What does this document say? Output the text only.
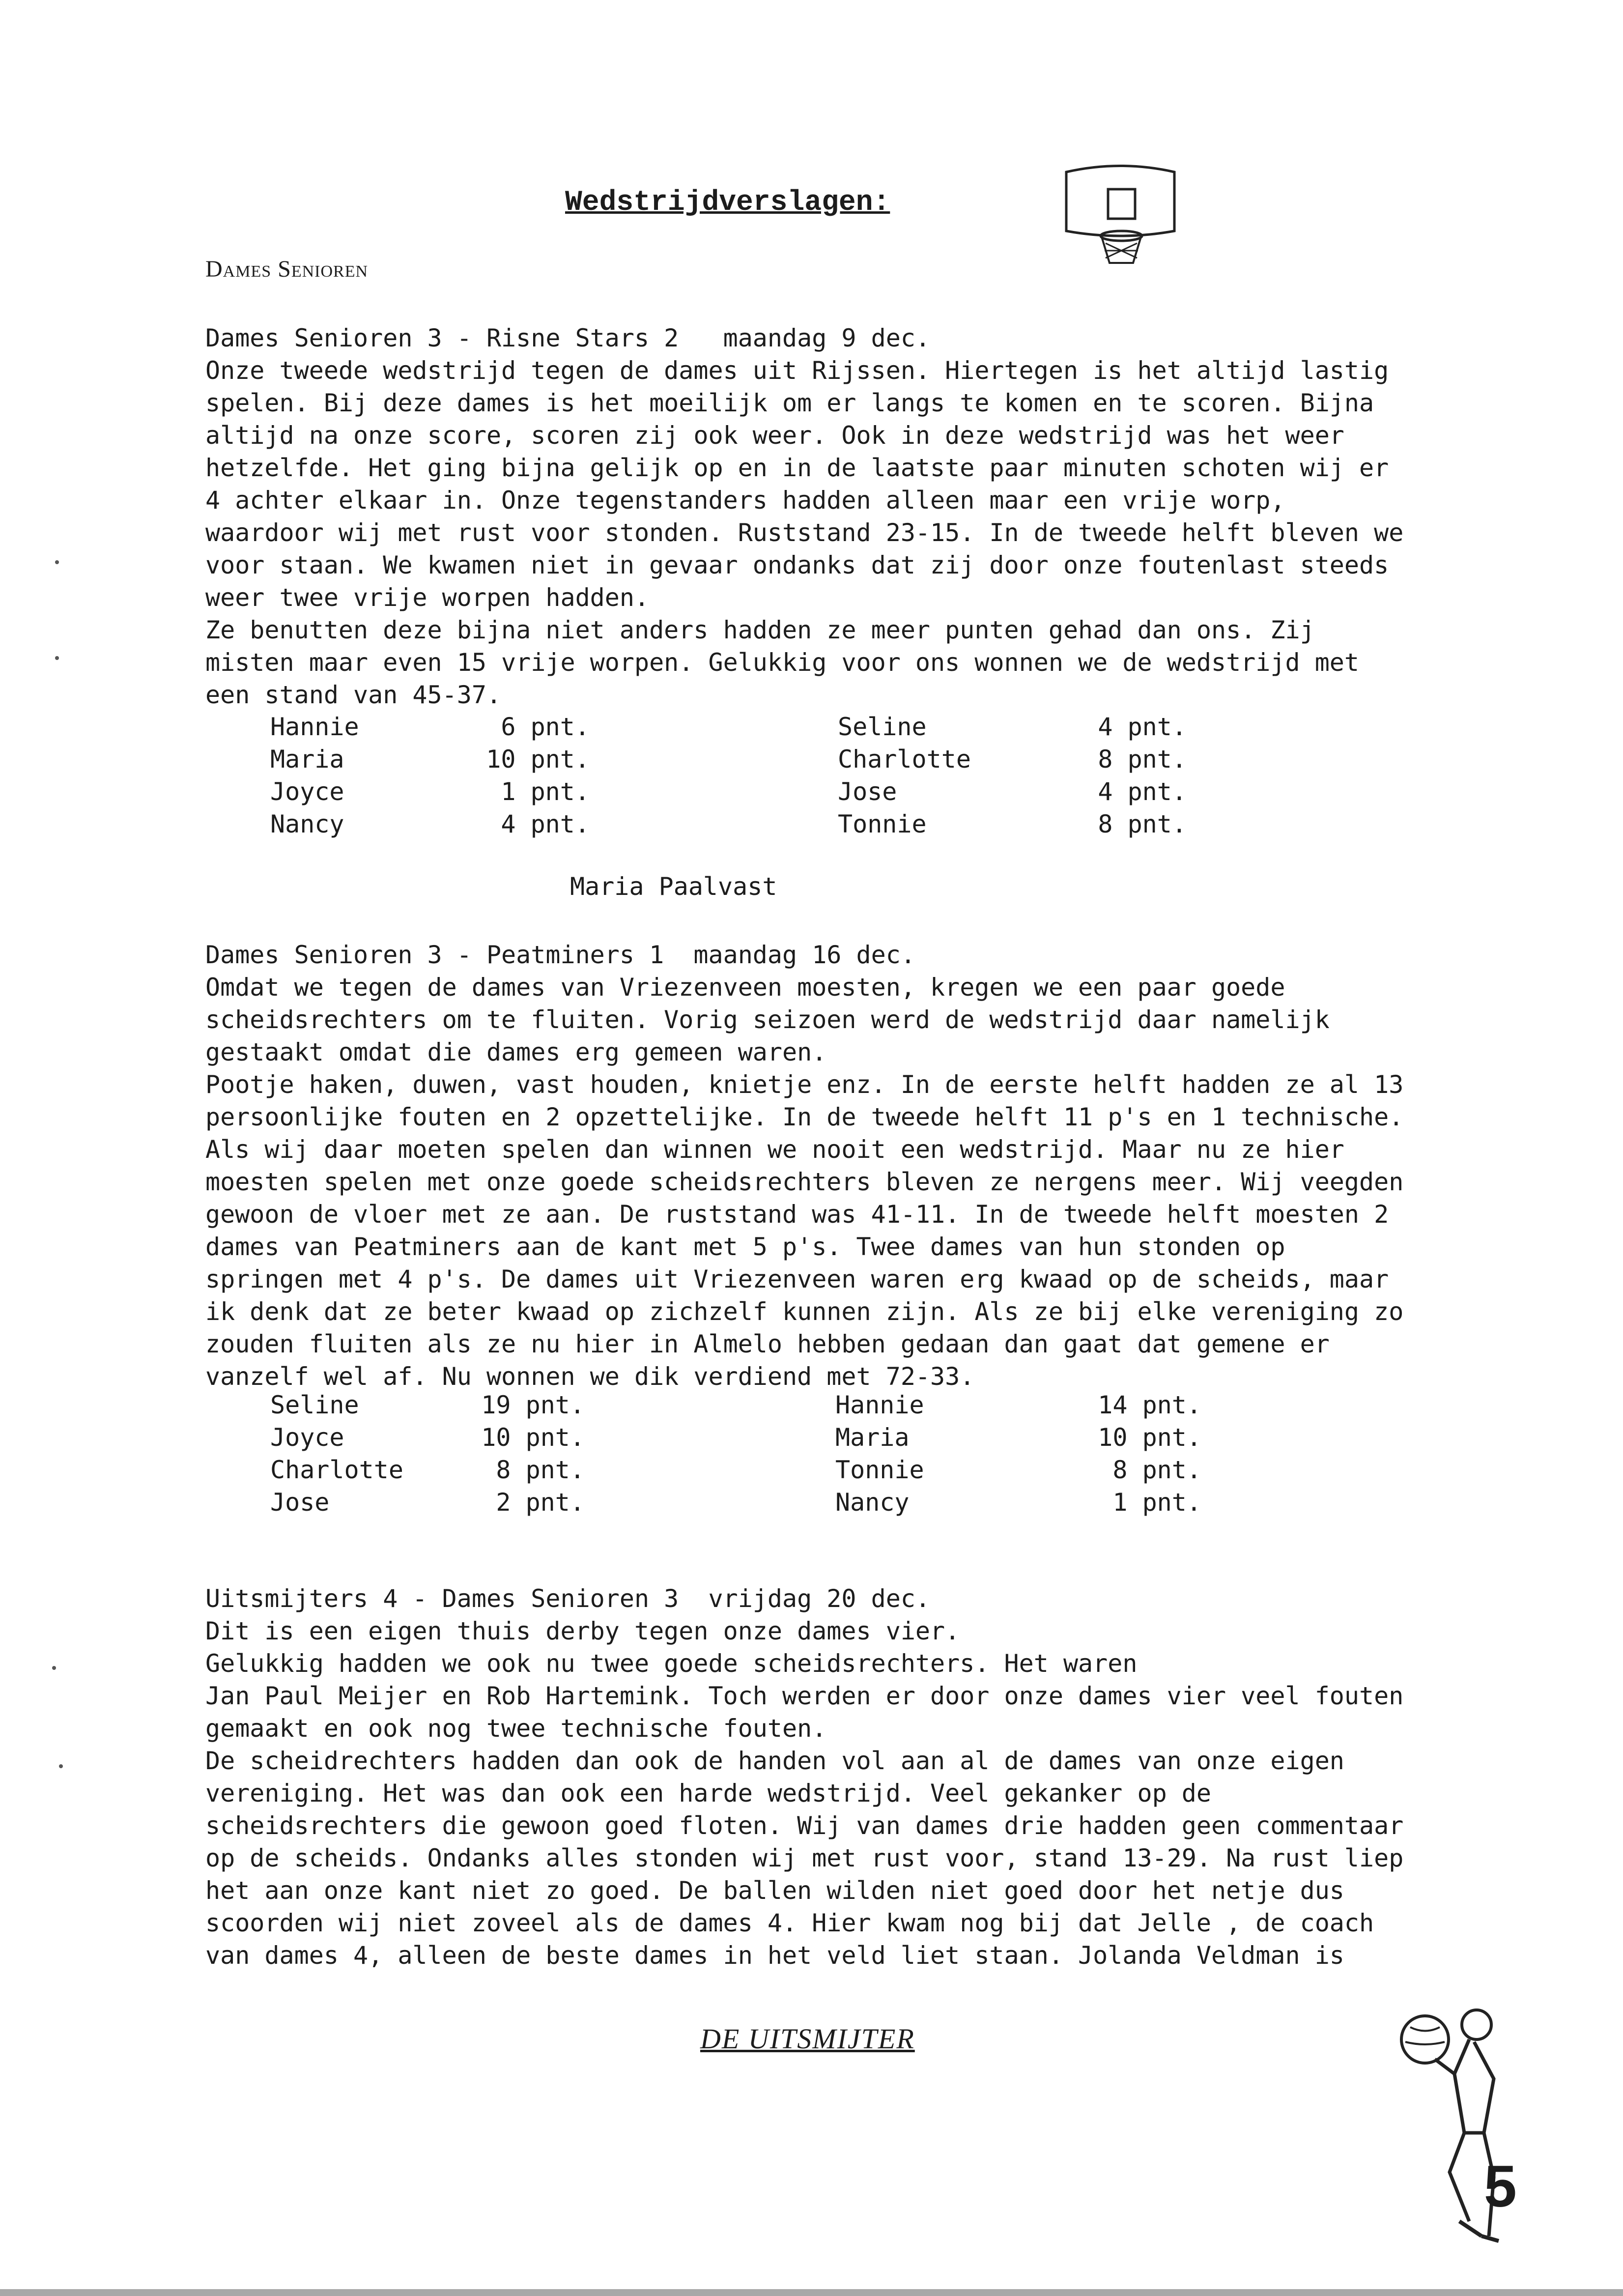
Wedstrijdverslagen:
Dames Senioren
Dames Senioren 3 - Risne Stars 2   maandag 9 dec.
Onze tweede wedstrijd tegen de dames uit Rijssen. Hiertegen is het altijd lastig
spelen. Bij deze dames is het moeilijk om er langs te komen en te scoren. Bijna
altijd na onze score, scoren zij ook weer. Ook in deze wedstrijd was het weer
hetzelfde. Het ging bijna gelijk op en in de laatste paar minuten schoten wij er
4 achter elkaar in. Onze tegenstanders hadden alleen maar een vrije worp,
waardoor wij met rust voor stonden. Ruststand 23-15. In de tweede helft bleven we
voor staan. We kwamen niet in gevaar ondanks dat zij door onze foutenlast steeds
weer twee vrije worpen hadden.
Ze benutten deze bijna niet anders hadden ze meer punten gehad dan ons. Zij
misten maar even 15 vrije worpen. Gelukkig voor ons wonnen we de wedstrijd met
een stand van 45-37.
Hannie	6 pnt.	Seline	4 pnt.
Maria	10 pnt.	Charlotte	8 pnt.
Joyce	1 pnt.	Jose	4 pnt.
Nancy	4 pnt.	Tonnie	8 pnt.
Maria Paalvast
Dames Senioren 3 - Peatminers 1  maandag 16 dec.
Omdat we tegen de dames van Vriezenveen moesten, kregen we een paar goede
scheidsrechters om te fluiten. Vorig seizoen werd de wedstrijd daar namelijk
gestaakt omdat die dames erg gemeen waren.
Pootje haken, duwen, vast houden, knietje enz. In de eerste helft hadden ze al 13
persoonlijke fouten en 2 opzettelijke. In de tweede helft 11 p's en 1 technische.
Als wij daar moeten spelen dan winnen we nooit een wedstrijd. Maar nu ze hier
moesten spelen met onze goede scheidsrechters bleven ze nergens meer. Wij veegden
gewoon de vloer met ze aan. De ruststand was 41-11. In de tweede helft moesten 2
dames van Peatminers aan de kant met 5 p's. Twee dames van hun stonden op
springen met 4 p's. De dames uit Vriezenveen waren erg kwaad op de scheids, maar
ik denk dat ze beter kwaad op zichzelf kunnen zijn. Als ze bij elke vereniging zo
zouden fluiten als ze nu hier in Almelo hebben gedaan dan gaat dat gemene er
vanzelf wel af. Nu wonnen we dik verdiend met 72-33.
Seline	19 pnt.	Hannie	14 pnt.
Joyce	10 pnt.	Maria	10 pnt.
Charlotte	8 pnt.	Tonnie	8 pnt.
Jose	2 pnt.	Nancy	1 pnt.
Uitsmijters 4 - Dames Senioren 3  vrijdag 20 dec.
Dit is een eigen thuis derby tegen onze dames vier.
Gelukkig hadden we ook nu twee goede scheidsrechters. Het waren
Jan Paul Meijer en Rob Hartemink. Toch werden er door onze dames vier veel fouten
gemaakt en ook nog twee technische fouten.
De scheidrechters hadden dan ook de handen vol aan al de dames van onze eigen
vereniging. Het was dan ook een harde wedstrijd. Veel gekanker op de
scheidsrechters die gewoon goed floten. Wij van dames drie hadden geen commentaar
op de scheids. Ondanks alles stonden wij met rust voor, stand 13-29. Na rust liep
het aan onze kant niet zo goed. De ballen wilden niet goed door het netje dus
scoorden wij niet zoveel als de dames 4. Hier kwam nog bij dat Jelle , de coach
van dames 4, alleen de beste dames in het veld liet staan. Jolanda Veldman is
DE UITSMIJTER
5
